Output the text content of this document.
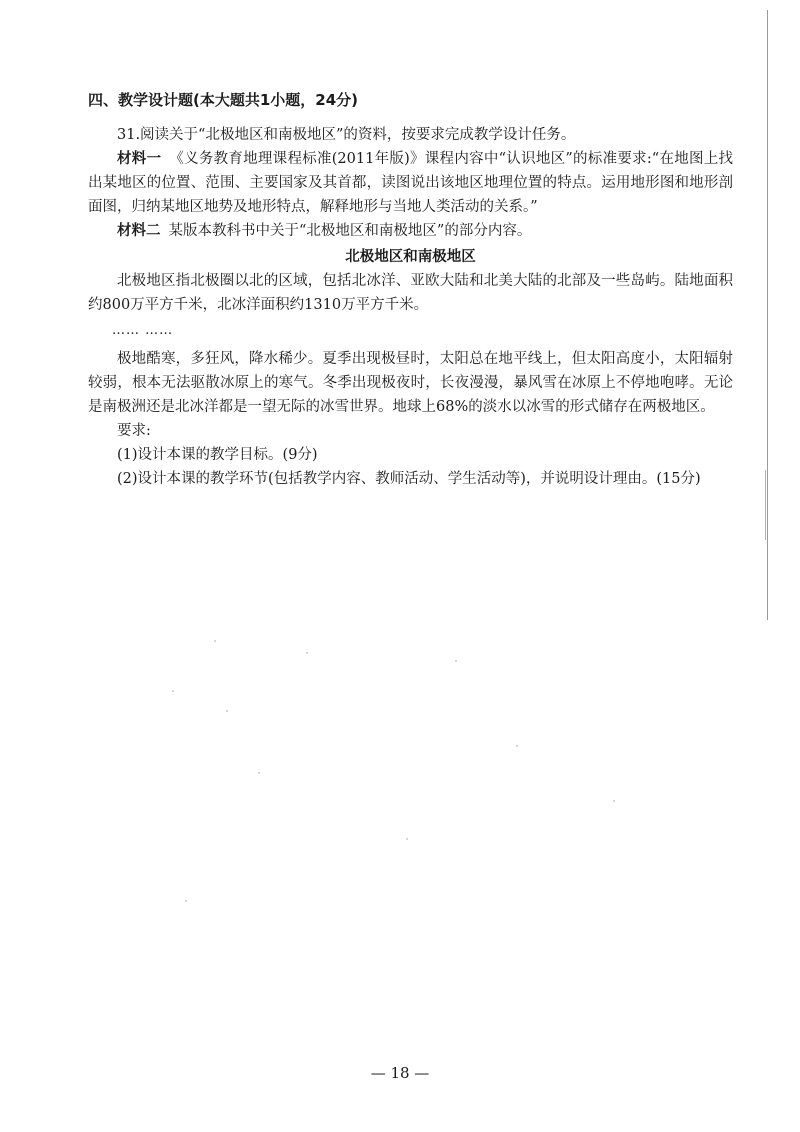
四、教学设计题(本大题共1小题，24分)

31.阅读关于“北极地区和南极地区”的资料，按要求完成教学设计任务。

材料一 《义务教育地理课程标准(2011年版)》课程内容中“认识地区”的标准要求:“在地图上找出某地区的位置、范围、主要国家及其首都，读图说出该地区地理位置的特点。运用地形图和地形剖面图，归纳某地区地势及地形特点，解释地形与当地人类活动的关系。”

材料二 某版本教科书中关于“北极地区和南极地区”的部分内容。

北极地区和南极地区

北极地区指北极圈以北的区域，包括北冰洋、亚欧大陆和北美大陆的北部及一些岛屿。陆地面积约800万平方千米，北冰洋面积约1310万平方千米。

…… ……

极地酷寒，多狂风，降水稀少。夏季出现极昼时，太阳总在地平线上，但太阳高度小，太阳辐射较弱，根本无法驱散冰原上的寒气。冬季出现极夜时，长夜漫漫，暴风雪在冰原上不停地咆哮。无论是南极洲还是北冰洋都是一望无际的冰雪世界。地球上68%的淡水以冰雪的形式储存在两极地区。

要求:

(1)设计本课的教学目标。(9分)

(2)设计本课的教学环节(包括教学内容、教师活动、学生活动等)，并说明设计理由。(15分)

— 18 —
